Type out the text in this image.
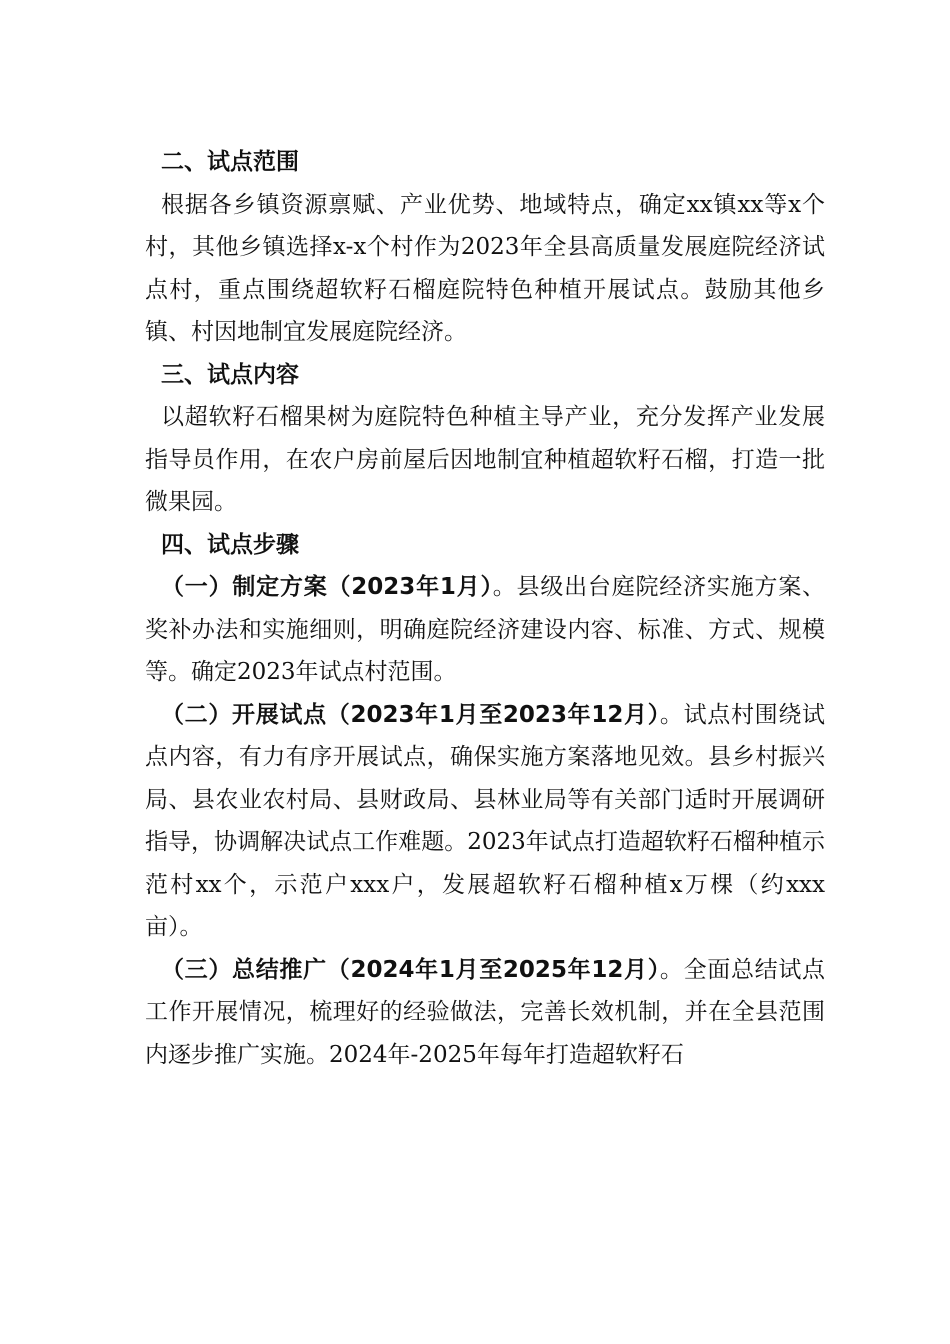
二、试点范围

根据各乡镇资源禀赋、产业优势、地域特点，确定xx镇xx等x个村，其他乡镇选择x-x个村作为2023年全县高质量发展庭院经济试点村，重点围绕超软籽石榴庭院特色种植开展试点。鼓励其他乡镇、村因地制宜发展庭院经济。

三、试点内容

以超软籽石榴果树为庭院特色种植主导产业，充分发挥产业发展指导员作用，在农户房前屋后因地制宜种植超软籽石榴，打造一批微果园。

四、试点步骤

（一）制定方案（2023年1月）。县级出台庭院经济实施方案、奖补办法和实施细则，明确庭院经济建设内容、标准、方式、规模等。确定2023年试点村范围。

（二）开展试点（2023年1月至2023年12月）。试点村围绕试点内容，有力有序开展试点，确保实施方案落地见效。县乡村振兴局、县农业农村局、县财政局、县林业局等有关部门适时开展调研指导，协调解决试点工作难题。2023年试点打造超软籽石榴种植示范村xx个，示范户xxx户，发展超软籽石榴种植x万棵（约xxx亩）。

（三）总结推广（2024年1月至2025年12月）。全面总结试点工作开展情况，梳理好的经验做法，完善长效机制，并在全县范围内逐步推广实施。2024年-2025年每年打造超软籽石
